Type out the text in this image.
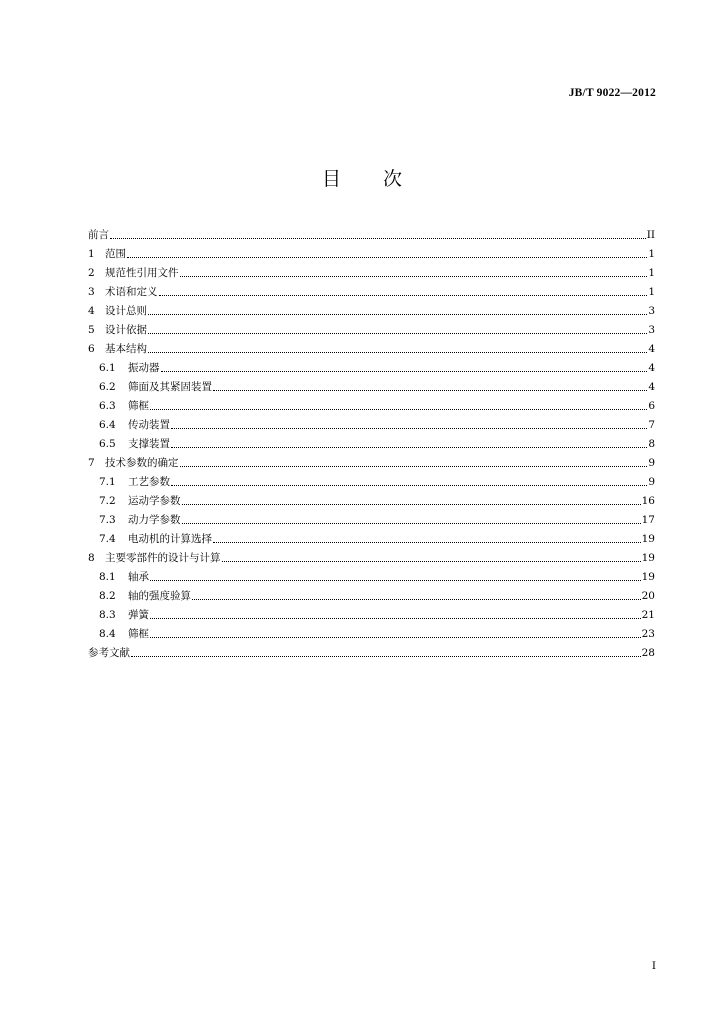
JB/T 9022—2012
目 次
前言	II
1 范围	1
2 规范性引用文件	1
3 术语和定义	1
4 设计总则	3
5 设计依据	3
6 基本结构	4
6.1	振动器	4
6.2	筛面及其紧固装置	4
6.3	筛框	6
6.4	传动装置	7
6.5	支撑装置	8
7 技术参数的确定	9
7.1	工艺参数	9
7.2	运动学参数	16
7.3	动力学参数	17
7.4	电动机的计算选择	19
8 主要零部件的设计与计算	19
8.1	轴承	19
8.2	轴的强度验算	20
8.3	弹簧	21
8.4	筛框	23
参考文献	28
I
